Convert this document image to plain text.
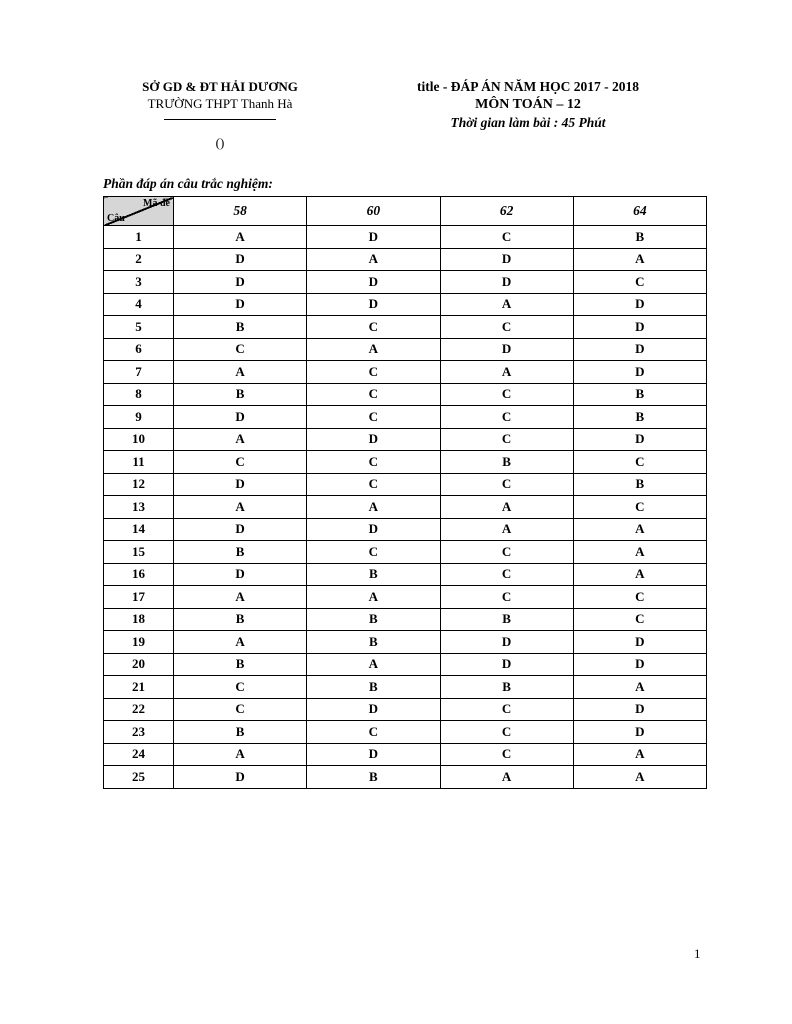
SỞ GD & ĐT HẢI DƯƠNG
TRƯỜNG THPT Thanh Hà
()
title - ĐÁP ÁN NĂM HỌC 2017 - 2018
MÔN TOÁN – 12
Thời gian làm bài : 45 Phút
Phần đáp án câu trắc nghiệm:
Mã đề
Câu	58	60	62	64
1	A	D	C	B
2	D	A	D	A
3	D	D	D	C
4	D	D	A	D
5	B	C	C	D
6	C	A	D	D
7	A	C	A	D
8	B	C	C	B
9	D	C	C	B
10	A	D	C	D
11	C	C	B	C
12	D	C	C	B
13	A	A	A	C
14	D	D	A	A
15	B	C	C	A
16	D	B	C	A
17	A	A	C	C
18	B	B	B	C
19	A	B	D	D
20	B	A	D	D
21	C	B	B	A
22	C	D	C	D
23	B	C	C	D
24	A	D	C	A
25	D	B	A	A
1
